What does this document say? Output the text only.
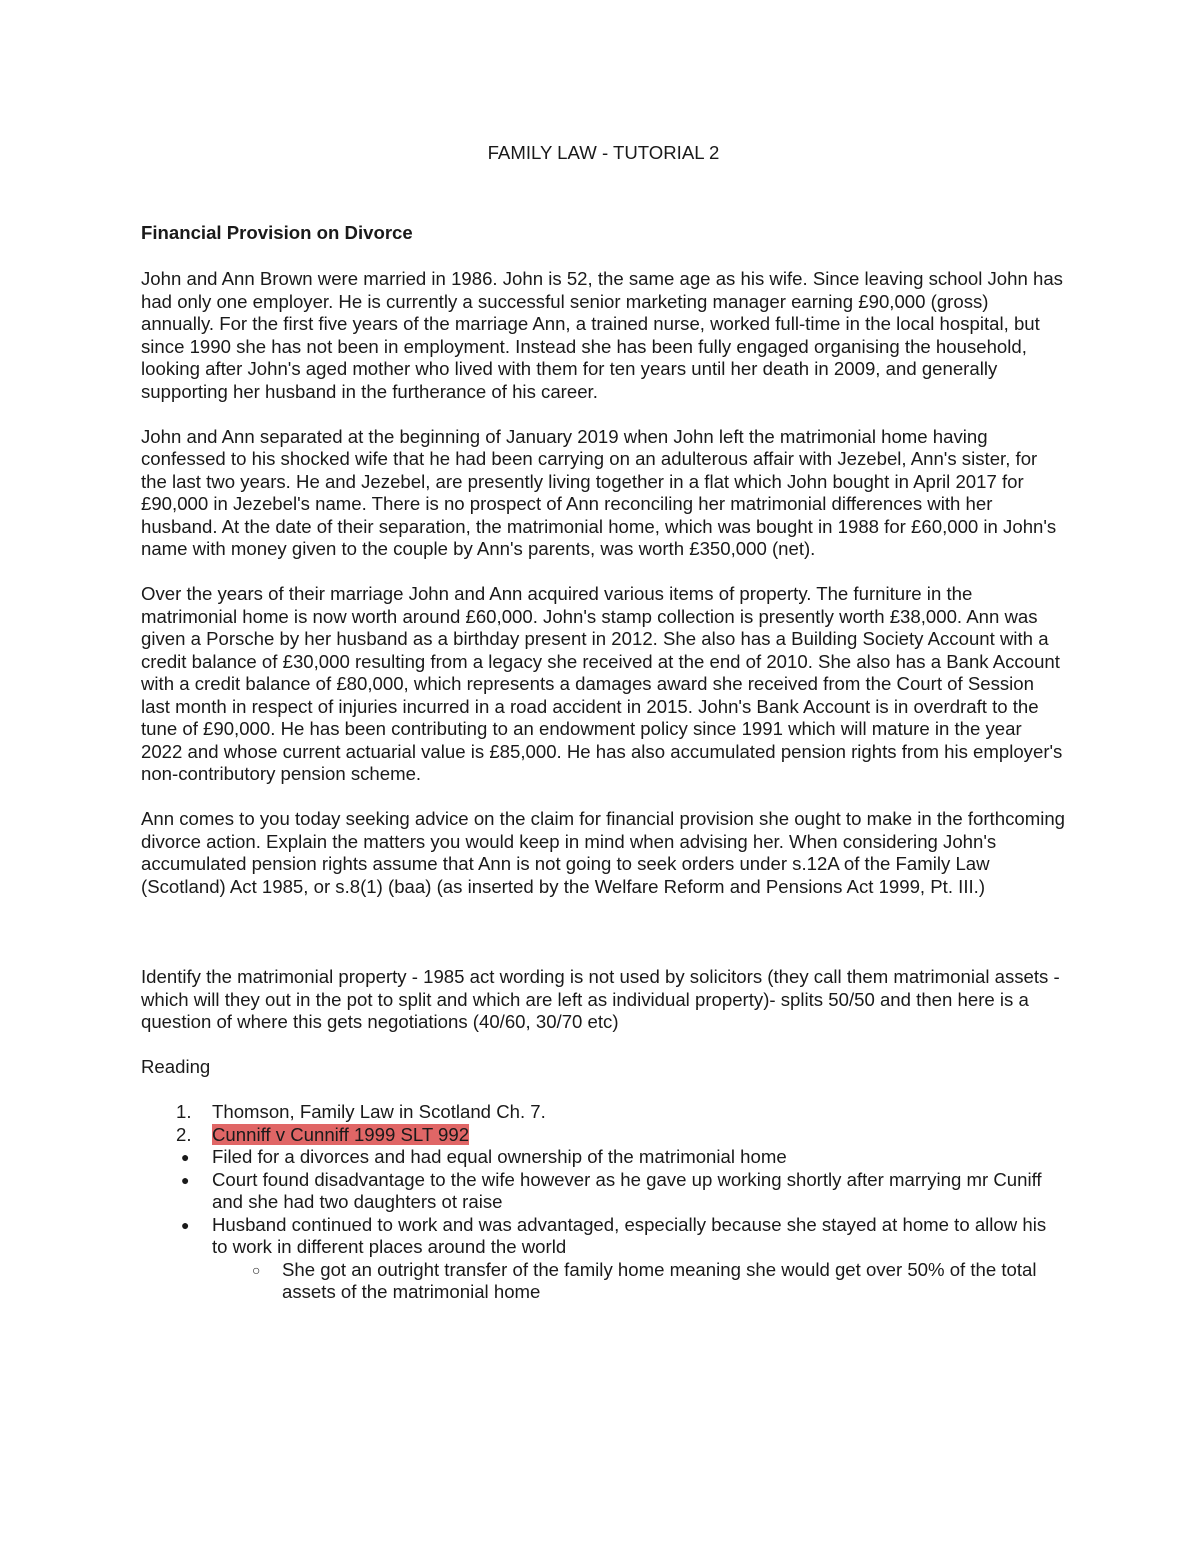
FAMILY LAW - TUTORIAL 2
Financial Provision on Divorce

John and Ann Brown were married in 1986. John is 52, the same age as his wife. Since leaving school John has had only one employer. He is currently a successful senior marketing manager earning £90,000 (gross) annually. For the first five years of the marriage Ann, a trained nurse, worked full-time in the local hospital, but since 1990 she has not been in employment. Instead she has been fully engaged organising the household, looking after John's aged mother who lived with them for ten years until her death in 2009, and generally supporting her husband in the furtherance of his career.

John and Ann separated at the beginning of January 2019 when John left the matrimonial home having confessed to his shocked wife that he had been carrying on an adulterous affair with Jezebel, Ann's sister, for the last two years. He and Jezebel, are presently living together in a flat which John bought in April 2017 for £90,000 in Jezebel's name. There is no prospect of Ann reconciling her matrimonial differences with her husband. At the date of their separation, the matrimonial home, which was bought in 1988 for £60,000 in John's name with money given to the couple by Ann's parents, was worth £350,000 (net).

Over the years of their marriage John and Ann acquired various items of property. The furniture in the matrimonial home is now worth around £60,000. John's stamp collection is presently worth £38,000. Ann was given a Porsche by her husband as a birthday present in 2012. She also has a Building Society Account with a credit balance of £30,000 resulting from a legacy she received at the end of 2010. She also has a Bank Account with a credit balance of £80,000, which represents a damages award she received from the Court of Session last month in respect of injuries incurred in a road accident in 2015. John's Bank Account is in overdraft to the tune of £90,000. He has been contributing to an endowment policy since 1991 which will mature in the year 2022 and whose current actuarial value is £85,000. He has also accumulated pension rights from his employer's non-contributory pension scheme.

Ann comes to you today seeking advice on the claim for financial provision she ought to make in the forthcoming divorce action. Explain the matters you would keep in mind when advising her. When considering John's accumulated pension rights assume that Ann is not going to seek orders under s.12A of the Family Law (Scotland) Act 1985, or s.8(1) (baa) (as inserted by the Welfare Reform and Pensions Act 1999, Pt. III.)

Identify the matrimonial property - 1985 act wording is not used by solicitors (they call them matrimonial assets - which will they out in the pot to split and which are left as individual property)- splits 50/50 and then here is a question of where this gets negotiations (40/60, 30/70 etc)

Reading

1. Thomson, Family Law in Scotland Ch. 7.
2. Cunniff v Cunniff 1999 SLT 992
● Filed for a divorces and had equal ownership of the matrimonial home
● Court found disadvantage to the wife however as he gave up working shortly after marrying mr Cuniff and she had two daughters ot raise
● Husband continued to work and was advantaged, especially because she stayed at home to allow his to work in different places around the world
○ She got an outright transfer of the family home meaning she would get over 50% of the total assets of the matrimonial home
